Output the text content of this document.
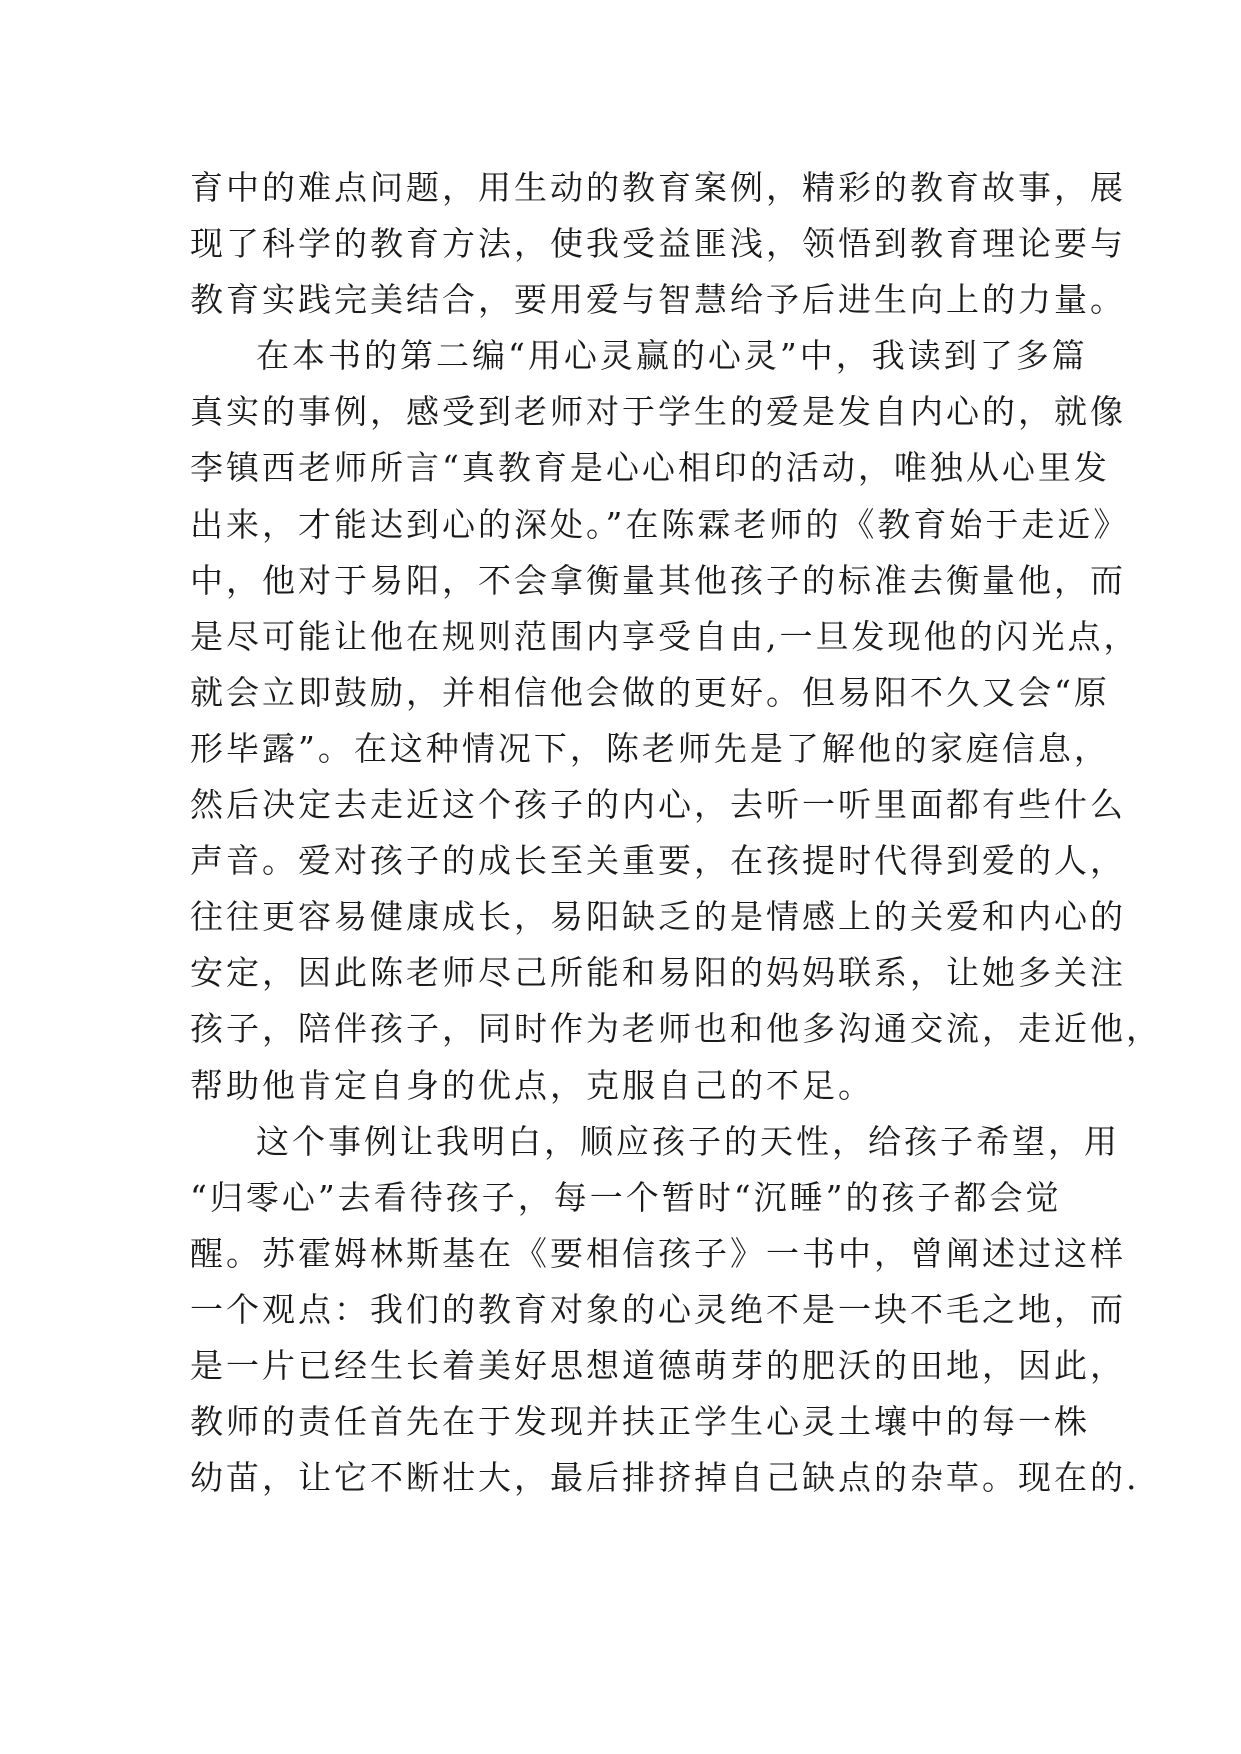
育中的难点问题，用生动的教育案例，精彩的教育故事，展
现了科学的教育方法，使我受益匪浅，领悟到教育理论要与
教育实践完美结合，要用爱与智慧给予后进生向上的力量。
在本书的第二编“用心灵赢的心灵”中，我读到了多篇
真实的事例，感受到老师对于学生的爱是发自内心的，就像
李镇西老师所言“真教育是心心相印的活动，唯独从心里发
出来，才能达到心的深处。”在陈霖老师的《教育始于走近》
中，他对于易阳，不会拿衡量其他孩子的标准去衡量他，而
是尽可能让他在规则范围内享受自由,一旦发现他的闪光点，
就会立即鼓励，并相信他会做的更好。但易阳不久又会“原
形毕露”。在这种情况下，陈老师先是了解他的家庭信息，
然后决定去走近这个孩子的内心，去听一听里面都有些什么
声音。爱对孩子的成长至关重要，在孩提时代得到爱的人，
往往更容易健康成长，易阳缺乏的是情感上的关爱和内心的
安定，因此陈老师尽己所能和易阳的妈妈联系，让她多关注
孩子，陪伴孩子，同时作为老师也和他多沟通交流，走近他，
帮助他肯定自身的优点，克服自己的不足。
这个事例让我明白，顺应孩子的天性，给孩子希望，用
“归零心”去看待孩子，每一个暂时“沉睡”的孩子都会觉
醒。苏霍姆林斯基在《要相信孩子》一书中，曾阐述过这样
一个观点：我们的教育对象的心灵绝不是一块不毛之地，而
是一片已经生长着美好思想道德萌芽的肥沃的田地，因此，
教师的责任首先在于发现并扶正学生心灵土壤中的每一株
幼苗，让它不断壮大，最后排挤掉自己缺点的杂草。现在的.
